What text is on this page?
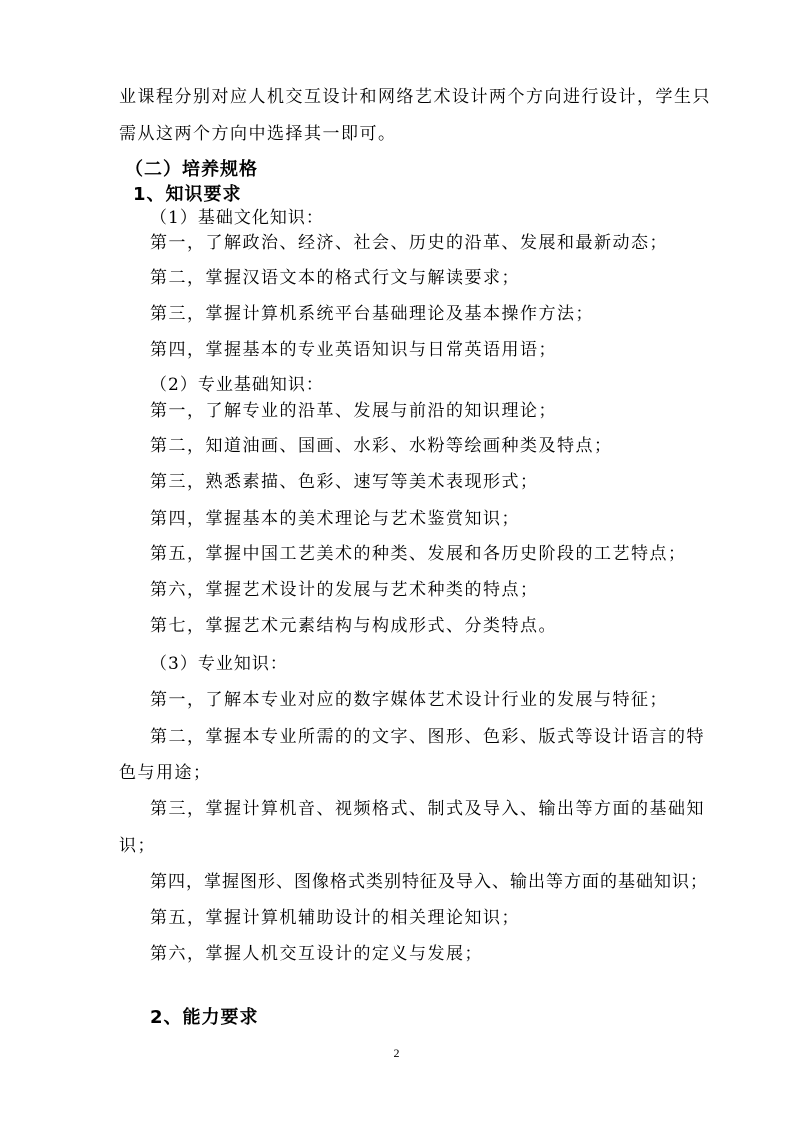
业课程分别对应人机交互设计和网络艺术设计两个方向进行设计，学生只
需从这两个方向中选择其一即可。
（二）培养规格
1、知识要求
（1）基础文化知识：
第一，了解政治、经济、社会、历史的沿革、发展和最新动态；
第二，掌握汉语文本的格式行文与解读要求；
第三，掌握计算机系统平台基础理论及基本操作方法；
第四，掌握基本的专业英语知识与日常英语用语；
（2）专业基础知识：
第一，了解专业的沿革、发展与前沿的知识理论；
第二，知道油画、国画、水彩、水粉等绘画种类及特点；
第三，熟悉素描、色彩、速写等美术表现形式；
第四，掌握基本的美术理论与艺术鉴赏知识；
第五，掌握中国工艺美术的种类、发展和各历史阶段的工艺特点；
第六，掌握艺术设计的发展与艺术种类的特点；
第七，掌握艺术元素结构与构成形式、分类特点。
（3）专业知识：
第一，了解本专业对应的数字媒体艺术设计行业的发展与特征；
第二，掌握本专业所需的的文字、图形、色彩、版式等设计语言的特
色与用途；
第三，掌握计算机音、视频格式、制式及导入、输出等方面的基础知
识；
第四，掌握图形、图像格式类别特征及导入、输出等方面的基础知识；
第五，掌握计算机辅助设计的相关理论知识；
第六，掌握人机交互设计的定义与发展；
2、能力要求
2
